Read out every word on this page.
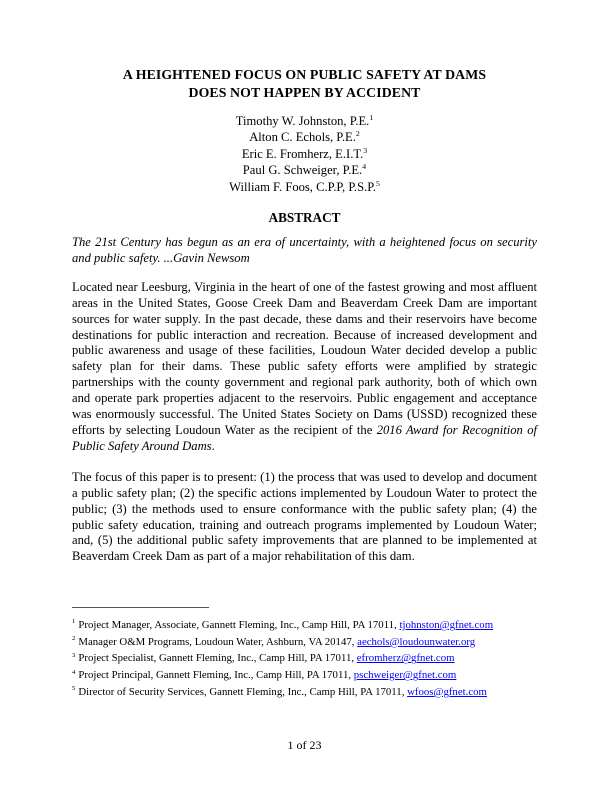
A HEIGHTENED FOCUS ON PUBLIC SAFETY AT DAMS
DOES NOT HAPPEN BY ACCIDENT
Timothy W. Johnston, P.E.$^1$
Alton C. Echols, P.E.$^2$
Eric E. Fromherz, E.I.T.$^3$
Paul G. Schweiger, P.E.$^4$
William F. Foos, C.P.P, P.S.P.$^5$
ABSTRACT

The 21st Century has begun as an era of uncertainty, with a heightened focus on security and public safety. ...Gavin Newsom

Located near Leesburg, Virginia in the heart of one of the fastest growing and most affluent areas in the United States, Goose Creek Dam and Beaverdam Creek Dam are important sources for water supply. In the past decade, these dams and their reservoirs have become destinations for public interaction and recreation. Because of increased development and public awareness and usage of these facilities, Loudoun Water decided develop a public safety plan for their dams. These public safety efforts were amplified by strategic partnerships with the county government and regional park authority, both of which own and operate park properties adjacent to the reservoirs. Public engagement and acceptance was enormously successful. The United States Society on Dams (USSD) recognized these efforts by selecting Loudoun Water as the recipient of the 2016 Award for Recognition of Public Safety Around Dams.

The focus of this paper is to present: (1) the process that was used to develop and document a public safety plan; (2) the specific actions implemented by Loudoun Water to protect the public; (3) the methods used to ensure conformance with the public safety plan; (4) the public safety education, training and outreach programs implemented by Loudoun Water; and, (5) the additional public safety improvements that are planned to be implemented at Beaverdam Creek Dam as part of a major rehabilitation of this dam.

$^1$ Project Manager, Associate, Gannett Fleming, Inc., Camp Hill, PA 17011, tjohnston@gfnet.com
$^2$ Manager O&M Programs, Loudoun Water, Ashburn, VA 20147, aechols@loudounwater.org
$^3$ Project Specialist, Gannett Fleming, Inc., Camp Hill, PA 17011, efromherz@gfnet.com
$^4$ Project Principal, Gannett Fleming, Inc., Camp Hill, PA 17011, pschweiger@gfnet.com
$^5$ Director of Security Services, Gannett Fleming, Inc., Camp Hill, PA 17011, wfoos@gfnet.com
1 of 23
